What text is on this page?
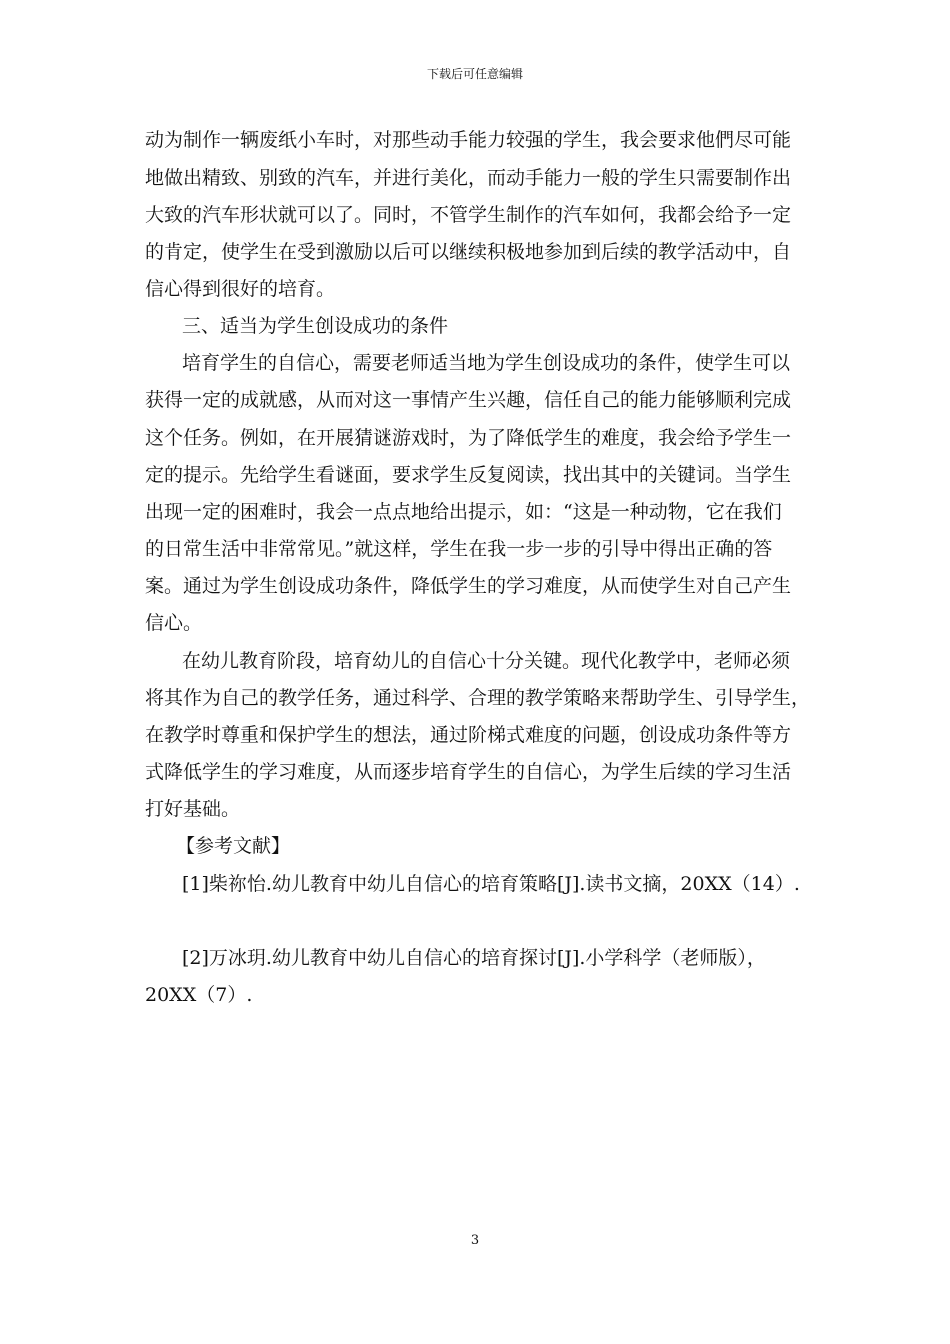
下载后可任意编辑
动为制作一辆废纸小车时，对那些动手能力较强的学生，我会要求他們尽可能
地做出精致、别致的汽车，并进行美化，而动手能力一般的学生只需要制作出
大致的汽车形状就可以了。同时，不管学生制作的汽车如何，我都会给予一定
的肯定，使学生在受到激励以后可以继续积极地参加到后续的教学活动中，自
信心得到很好的培育。
三、适当为学生创设成功的条件
培育学生的自信心，需要老师适当地为学生创设成功的条件，使学生可以
获得一定的成就感，从而对这一事情产生兴趣，信任自己的能力能够顺利完成
这个任务。例如，在开展猜谜游戏时，为了降低学生的难度，我会给予学生一
定的提示。先给学生看谜面，要求学生反复阅读，找出其中的关键词。当学生
出现一定的困难时，我会一点点地给出提示，如：“这是一种动物，它在我们
的日常生活中非常常见。”就这样，学生在我一步一步的引导中得出正确的答
案。通过为学生创设成功条件，降低学生的学习难度，从而使学生对自己产生
信心。
在幼儿教育阶段，培育幼儿的自信心十分关键。现代化教学中，老师必须
将其作为自己的教学任务，通过科学、合理的教学策略来帮助学生、引导学生，
在教学时尊重和保护学生的想法，通过阶梯式难度的问题，创设成功条件等方
式降低学生的学习难度，从而逐步培育学生的自信心，为学生后续的学习生活
打好基础。
【参考文献】
[1]柴祢怡.幼儿教育中幼儿自信心的培育策略[J].读书文摘，20XX（14）.
[2]万冰玥.幼儿教育中幼儿自信心的培育探讨[J].小学科学（老师版），
20XX（7）.
3
